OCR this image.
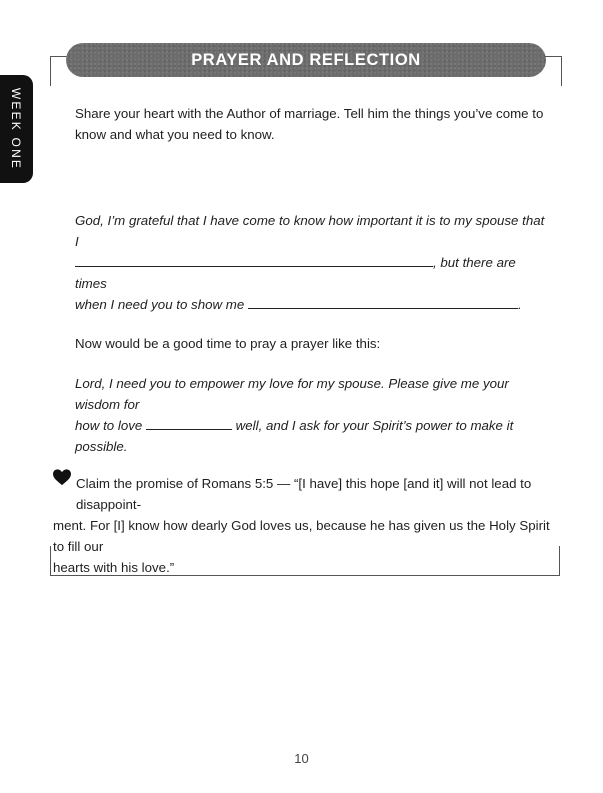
PRAYER AND REFLECTION
WEEK ONE	Share your heart with the Author of marriage. Tell him the things you’ve come to
know and what you need to know.
God, I’m grateful that I have come to know how important it is to my spouse that I
, but there are times
when I need you to show me	.
Now would be a good time to pray a prayer like this:
Lord, I need you to empower my love for my spouse. Please give me your wisdom for
how to love	well, and I ask for your Spirit’s power to make it possible.
Claim the promise of Romans 5:5 — “[I have] this hope [and it] will not lead to disappoint-
ment. For [I] know how dearly God loves us, because he has given us the Holy Spirit to fill our
hearts with his love.”
10
